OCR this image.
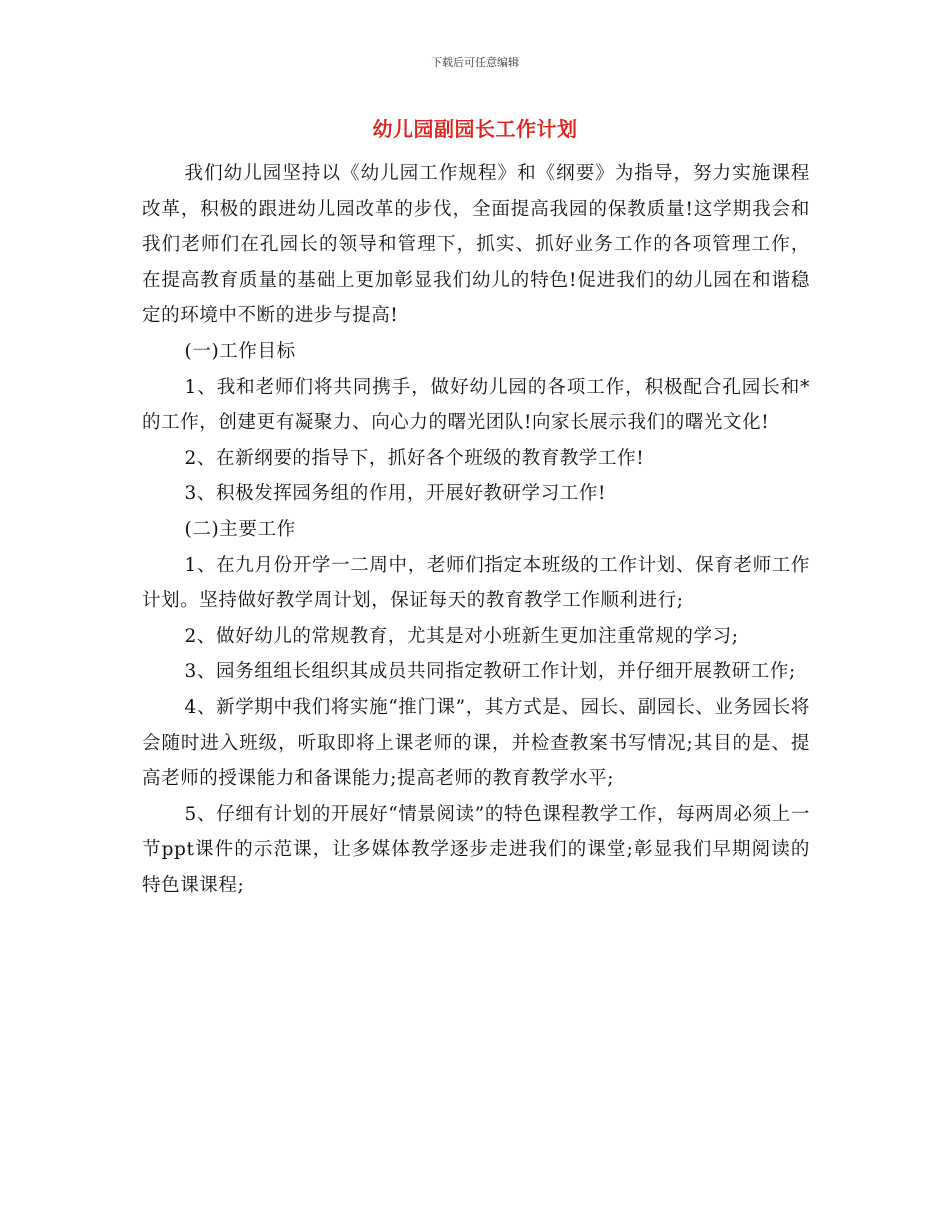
下载后可任意编辑
幼儿园副园长工作计划

我们幼儿园坚持以《幼儿园工作规程》和《纲要》为指导，努力实施课程改革，积极的跟进幼儿园改革的步伐，全面提高我园的保教质量!这学期我会和我们老师们在孔园长的领导和管理下，抓实、抓好业务工作的各项管理工作，在提高教育质量的基础上更加彰显我们幼儿的特色!促进我们的幼儿园在和谐稳定的环境中不断的进步与提高!

(一)工作目标

1、我和老师们将共同携手，做好幼儿园的各项工作，积极配合孔园长和*的工作，创建更有凝聚力、向心力的曙光团队!向家长展示我们的曙光文化!

2、在新纲要的指导下，抓好各个班级的教育教学工作!

3、积极发挥园务组的作用，开展好教研学习工作!

(二)主要工作

1、在九月份开学一二周中，老师们指定本班级的工作计划、保育老师工作计划。坚持做好教学周计划，保证每天的教育教学工作顺利进行;

2、做好幼儿的常规教育，尤其是对小班新生更加注重常规的学习;

3、园务组组长组织其成员共同指定教研工作计划，并仔细开展教研工作;

4、新学期中我们将实施“推门课”，其方式是、园长、副园长、业务园长将会随时进入班级，听取即将上课老师的课，并检查教案书写情况;其目的是、提高老师的授课能力和备课能力;提高老师的教育教学水平;

5、仔细有计划的开展好“情景阅读”的特色课程教学工作，每两周必须上一节ppt课件的示范课，让多媒体教学逐步走进我们的课堂;彰显我们早期阅读的特色课课程;
